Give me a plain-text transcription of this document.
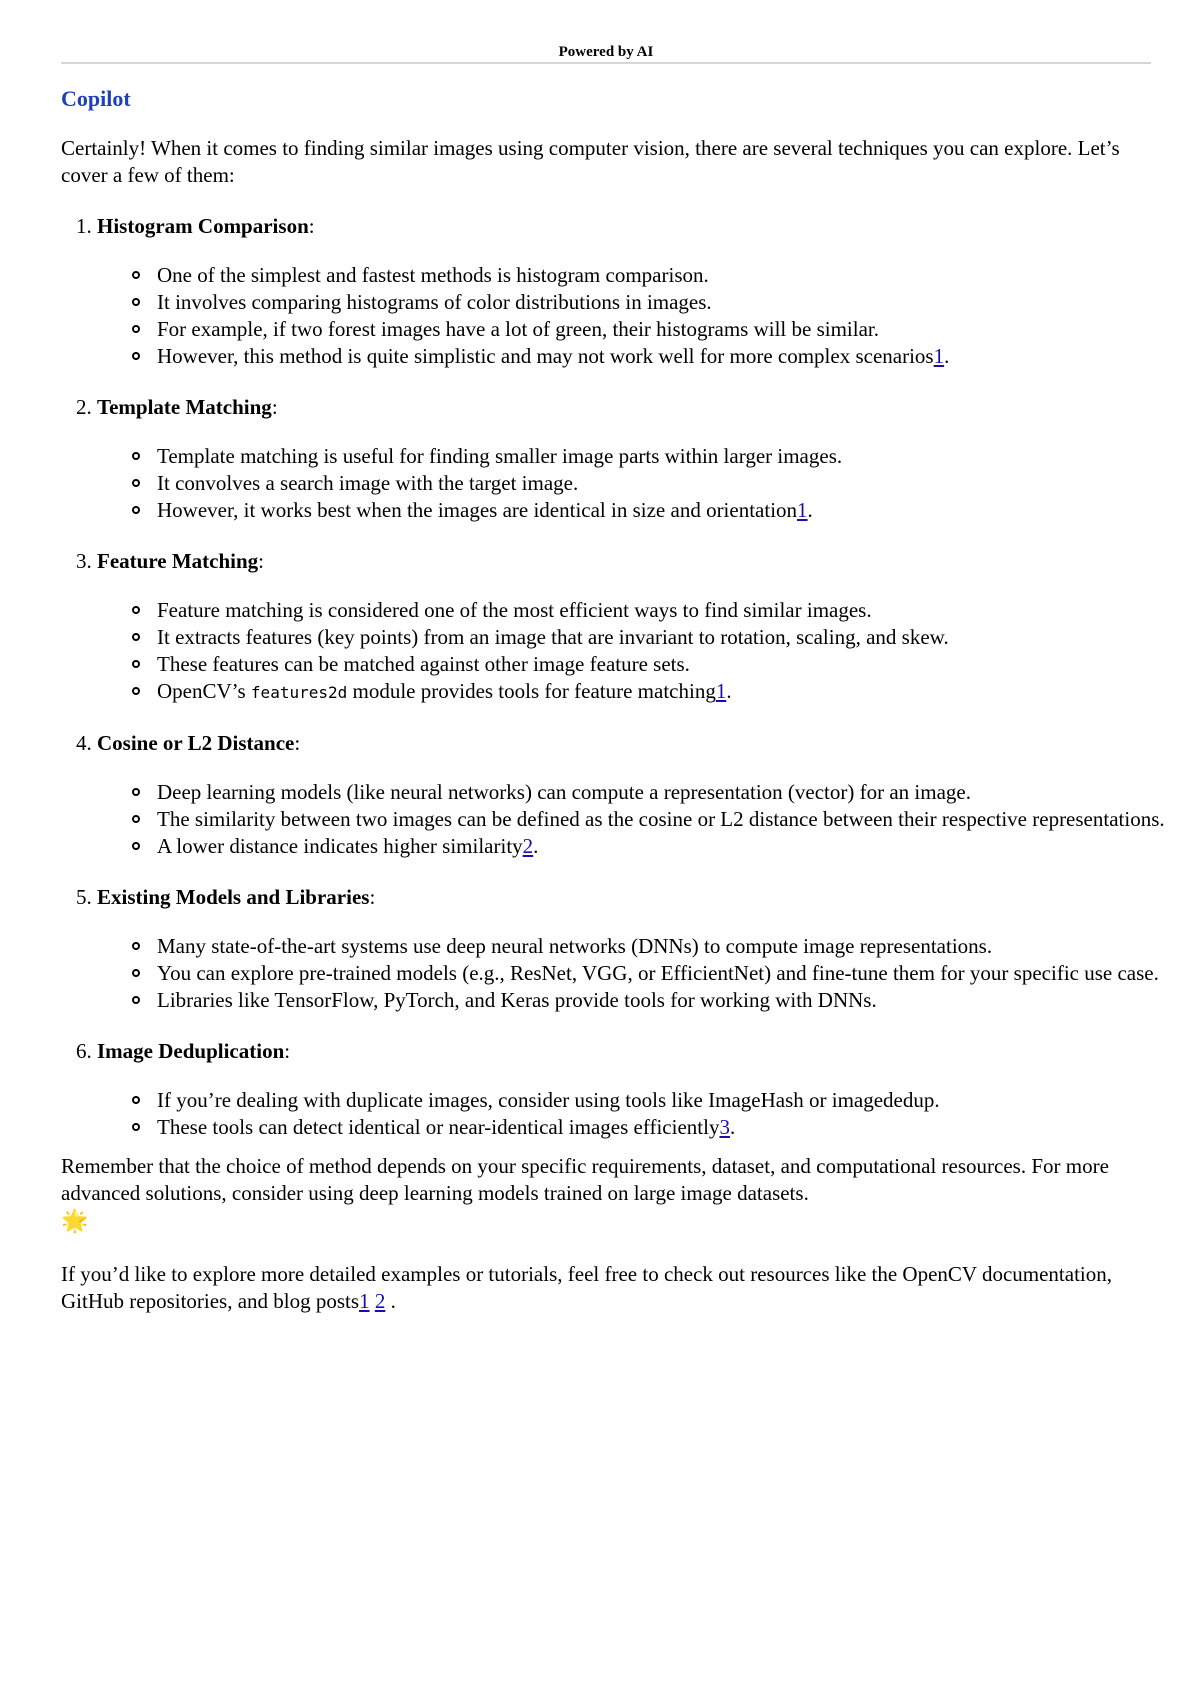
Powered by AI
Copilot
Certainly! When it comes to finding similar images using computer vision, there are several techniques you can explore. Let’s cover a few of them:
1. Histogram Comparison:
One of the simplest and fastest methods is histogram comparison.
It involves comparing histograms of color distributions in images.
For example, if two forest images have a lot of green, their histograms will be similar.
However, this method is quite simplistic and may not work well for more complex scenarios1.
2. Template Matching:
Template matching is useful for finding smaller image parts within larger images.
It convolves a search image with the target image.
However, it works best when the images are identical in size and orientation1.
3. Feature Matching:
Feature matching is considered one of the most efficient ways to find similar images.
It extracts features (key points) from an image that are invariant to rotation, scaling, and skew.
These features can be matched against other image feature sets.
OpenCV’s features2d module provides tools for feature matching1.
4. Cosine or L2 Distance:
Deep learning models (like neural networks) can compute a representation (vector) for an image.
The similarity between two images can be defined as the cosine or L2 distance between their respective representations.
A lower distance indicates higher similarity2.
5. Existing Models and Libraries:
Many state-of-the-art systems use deep neural networks (DNNs) to compute image representations.
You can explore pre-trained models (e.g., ResNet, VGG, or EfficientNet) and fine-tune them for your specific use case.
Libraries like TensorFlow, PyTorch, and Keras provide tools for working with DNNs.
6. Image Deduplication:
If you’re dealing with duplicate images, consider using tools like ImageHash or imagededup.
These tools can detect identical or near-identical images efficiently3.
Remember that the choice of method depends on your specific requirements, dataset, and computational resources. For more advanced solutions, consider using deep learning models trained on large image datasets.
🌟
If you’d like to explore more detailed examples or tutorials, feel free to check out resources like the OpenCV documentation, GitHub repositories, and blog posts1 2 .
